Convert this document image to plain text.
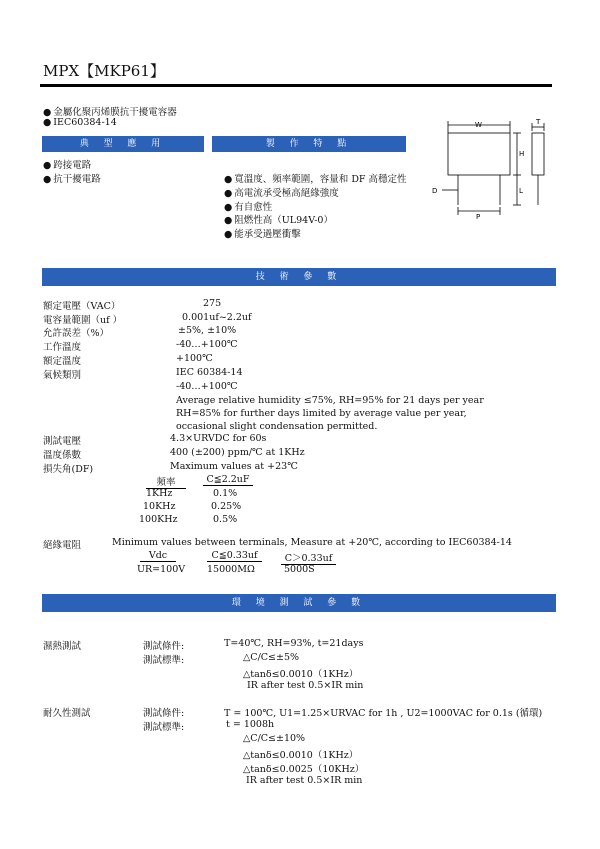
MPX【MKP61】
● 金屬化聚丙烯膜抗干擾電容器
● IEC60384-14
典 型 應 用	製 作 特 點
● 跨接電路
● 抗干擾電路
●	寬溫度、頻率範圍，容量和 DF 高穩定性
● 高電流承受極高絕緣強度
● 有自愈性
● 阻燃性高（UL94V-0）
● 能承受過壓衝擊
W	T
H
L
D
P
技 術 參 數
額定電壓（VAC）	275
電容量範圍（uf ）	0.001uf~2.2uf
允許誤差（%）	±5%, ±10%
工作溫度	-40…+100℃
額定溫度	+100℃
氣候類別	IEC 60384-14
-40…+100℃
Average relative humidity ≤75%, RH=95% for 21 days per year
RH=85% for further days limited by average value per year,
occasional slight condensation permitted.
測試電壓	4.3×URVDC for 60s
溫度係數	400 (±200) ppm/℃ at 1KHz
損失角(DF)	Maximum values at +23℃
頻率	C≦2.2uF
1KHz	0.1%
10KHz	0.25%
100KHz	0.5%
絕緣電阻	Minimum values between terminals, Measure at +20℃, according to IEC60384-14
Vdc	C≦0.33uf	C＞0.33uf
UR=100V 15000MΩ	5000S
環 境 測 試 參 數
濕熱測試	測試條件:	T=40℃, RH=93%, t=21days
測試標準:	△C/C≤±5%
△tanδ≤0.0010（1KHz）
IR after test 0.5×IR min
耐久性測試	測試條件:	T = 100℃, U1=1.25×URVAC for 1h , U2=1000VAC for 0.1s (循環)
測試標準:	t = 1008h
△C/C≤±10%
△tanδ≤0.0010（1KHz）
△tanδ≤0.0025（10KHz）
IR after test 0.5×IR min
